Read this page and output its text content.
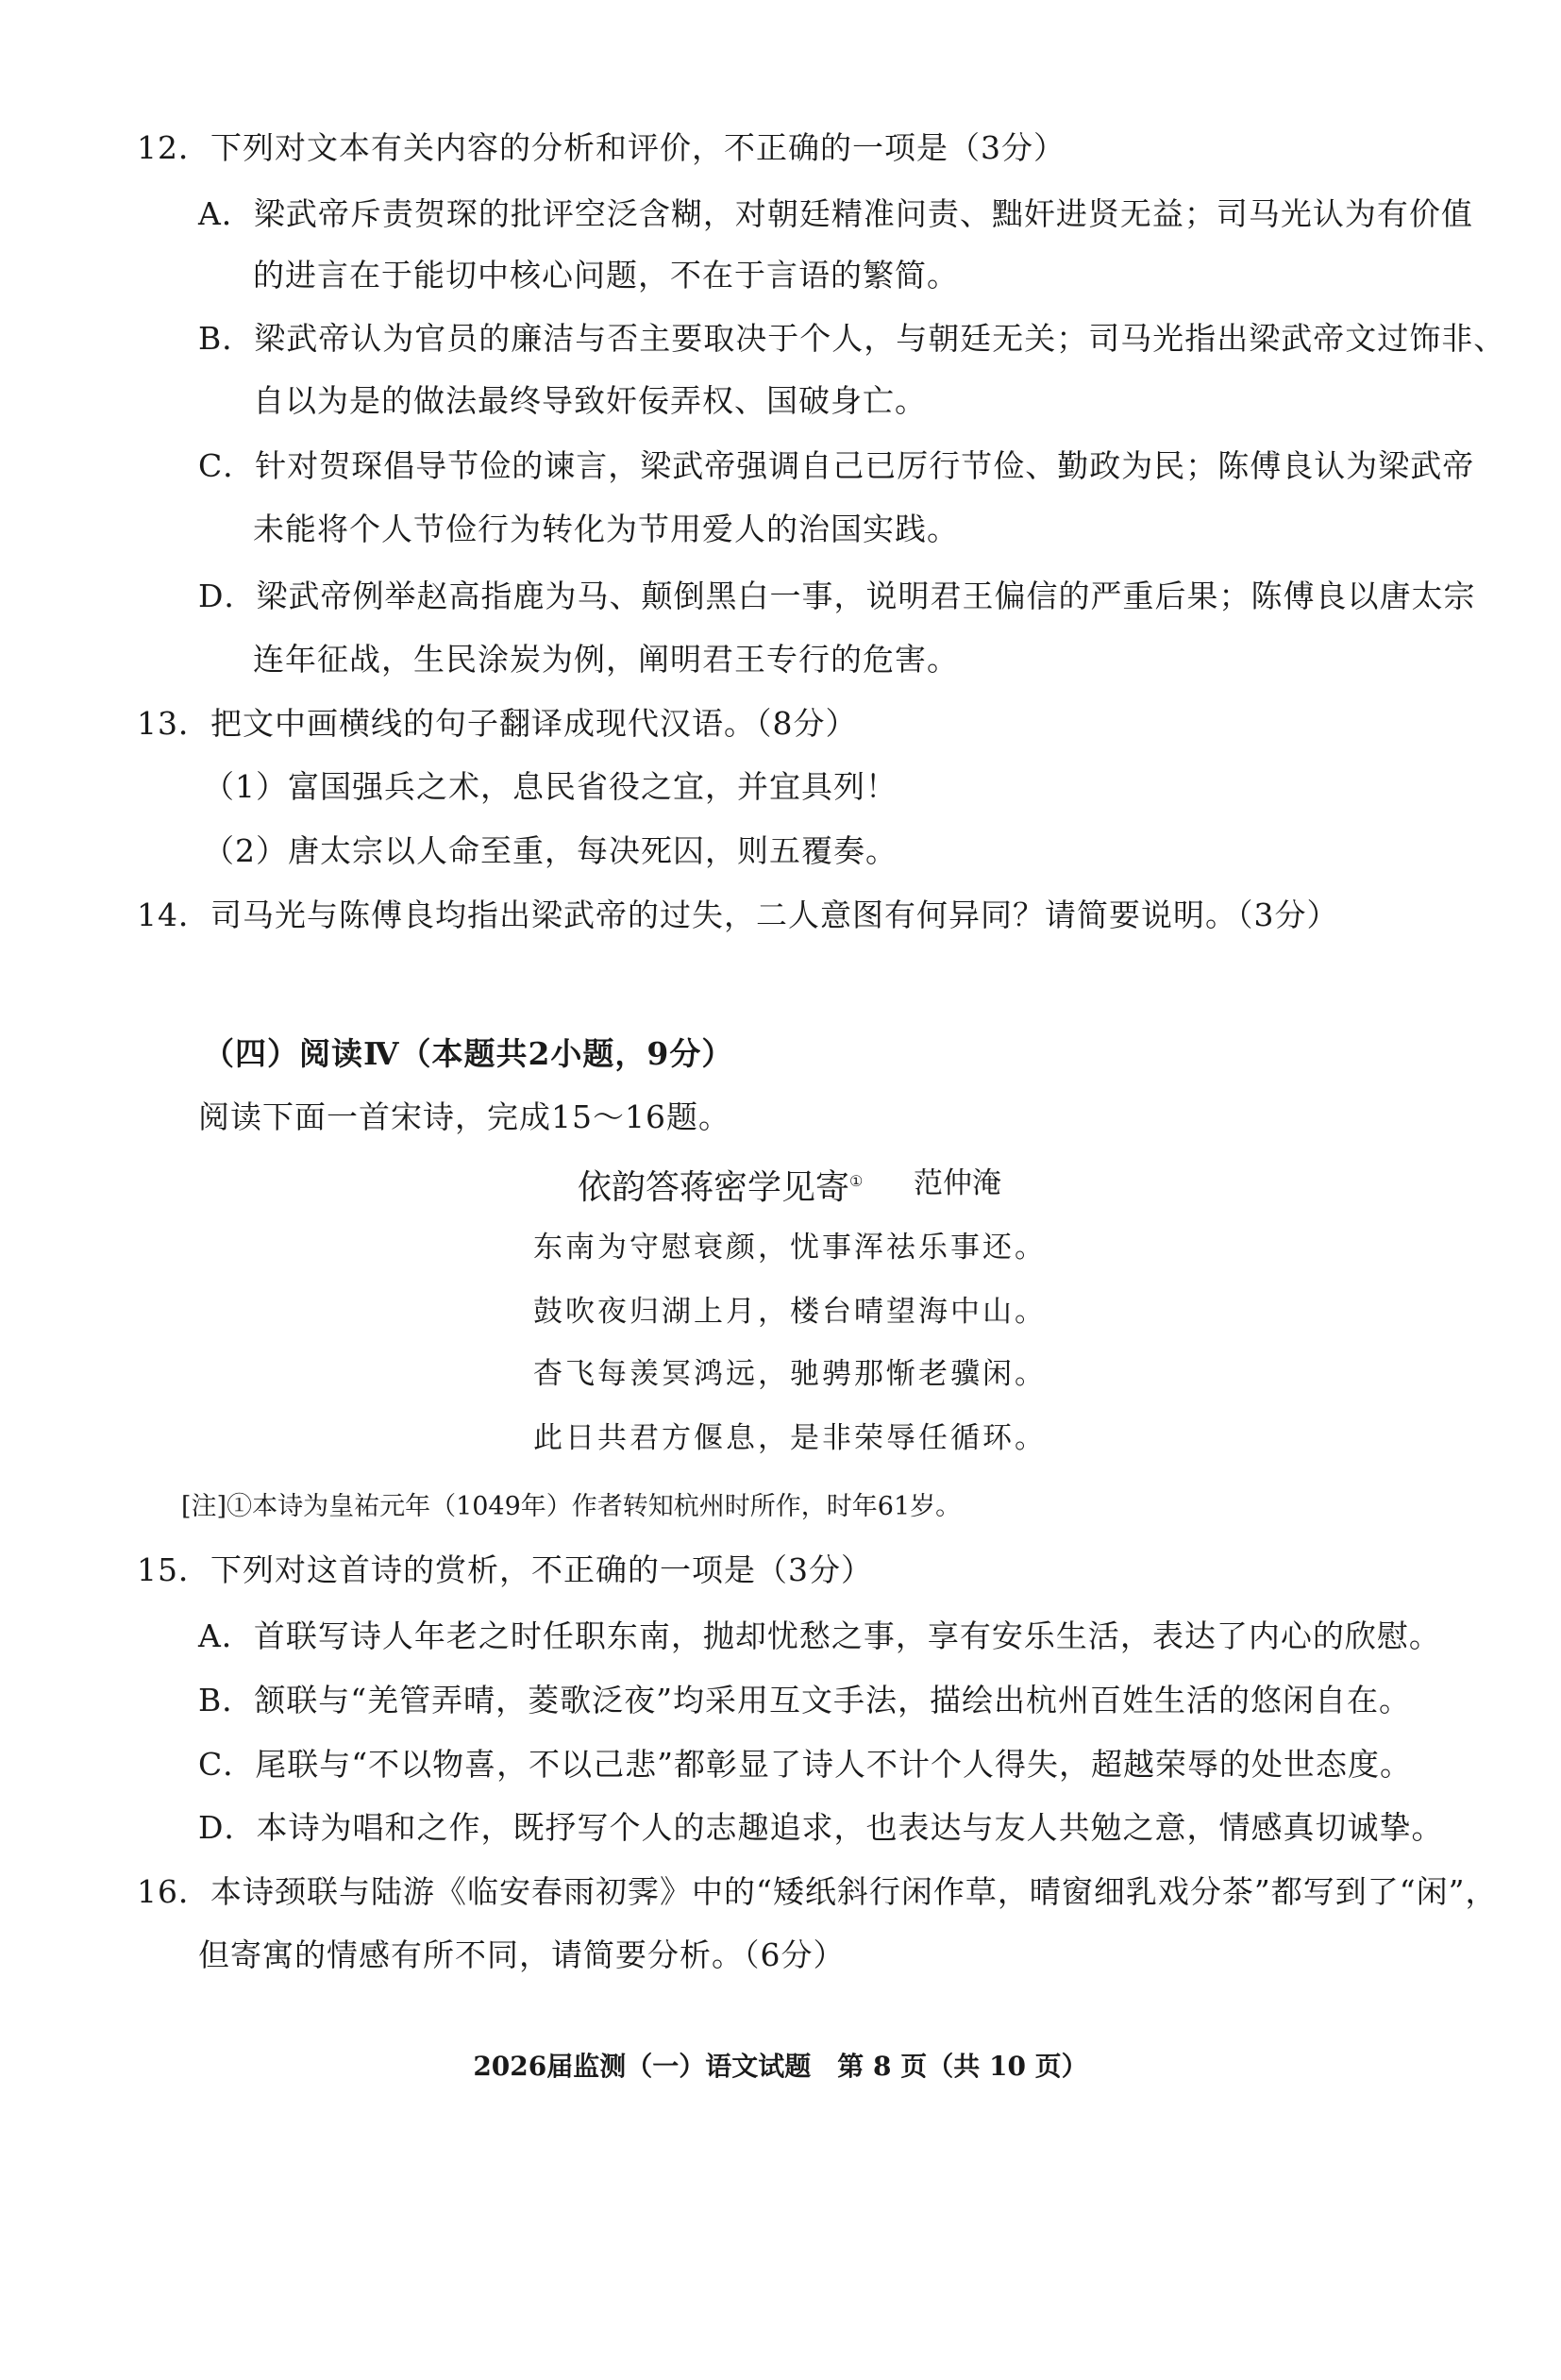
12．下列对文本有关内容的分析和评价，不正确的一项是（3分）
A．梁武帝斥责贺琛的批评空泛含糊，对朝廷精准问责、黜奸进贤无益；司马光认为有价值
的进言在于能切中核心问题，不在于言语的繁简。
B．梁武帝认为官员的廉洁与否主要取决于个人，与朝廷无关；司马光指出梁武帝文过饰非、
自以为是的做法最终导致奸佞弄权、国破身亡。
C．针对贺琛倡导节俭的谏言，梁武帝强调自己已厉行节俭、勤政为民；陈傅良认为梁武帝
未能将个人节俭行为转化为节用爱人的治国实践。
D．梁武帝例举赵高指鹿为马、颠倒黑白一事，说明君王偏信的严重后果；陈傅良以唐太宗
连年征战，生民涂炭为例，阐明君王专行的危害。
13．把文中画横线的句子翻译成现代汉语。（8分）
（1）富国强兵之术，息民省役之宜，并宜具列！
（2）唐太宗以人命至重，每决死囚，则五覆奏。
14．司马光与陈傅良均指出梁武帝的过失，二人意图有何异同？请简要说明。（3分）
（四）阅读Ⅳ（本题共2小题，9分）
阅读下面一首宋诗，完成15～16题。
依韵答蒋密学见寄① 范仲淹
东南为守慰衰颜，忧事浑祛乐事还。
鼓吹夜归湖上月，楼台晴望海中山。
杳飞每羡冥鸿远，驰骋那惭老骥闲。
此日共君方偃息，是非荣辱任循环。
[注]①本诗为皇祐元年（1049年）作者转知杭州时所作，时年61岁。
15．下列对这首诗的赏析，不正确的一项是（3分）
A．首联写诗人年老之时任职东南，抛却忧愁之事，享有安乐生活，表达了内心的欣慰。
B．颔联与“羌管弄晴，菱歌泛夜”均采用互文手法，描绘出杭州百姓生活的悠闲自在。
C．尾联与“不以物喜，不以己悲”都彰显了诗人不计个人得失，超越荣辱的处世态度。
D．本诗为唱和之作，既抒写个人的志趣追求，也表达与友人共勉之意，情感真切诚挚。
16．本诗颈联与陆游《临安春雨初霁》中的“矮纸斜行闲作草，晴窗细乳戏分茶”都写到了“闲”，
但寄寓的情感有所不同，请简要分析。（6分）
2026届监测（一）语文试题　第 8 页（共 10 页）
